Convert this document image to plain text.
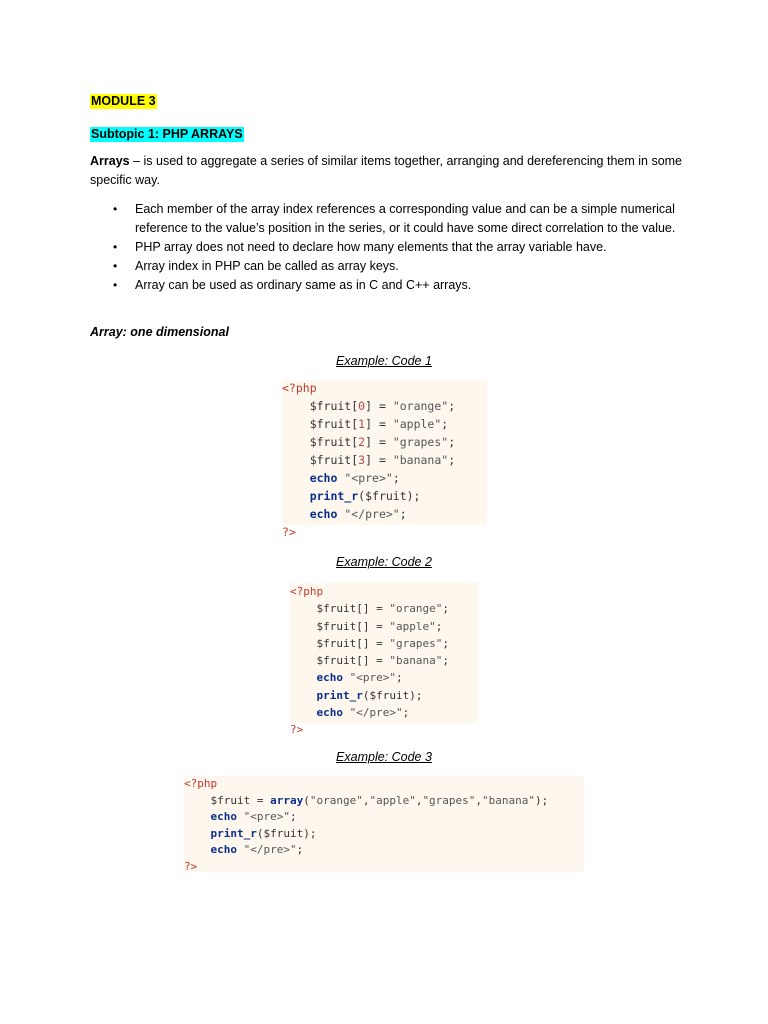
MODULE 3
Subtopic 1: PHP ARRAYS
Arrays – is used to aggregate a series of similar items together, arranging and dereferencing them in some specific way.
• Each member of the array index references a corresponding value and can be a simple numerical reference to the value’s position in the series, or it could have some direct correlation to the value.
• PHP array does not need to declare how many elements that the array variable have.
• Array index in PHP can be called as array keys.
• Array can be used as ordinary same as in C and C++ arrays.
Array: one dimensional
Example: Code 1
<?php
$fruit[0] = "orange";
$fruit[1] = "apple";
$fruit[2] = "grapes";
$fruit[3] = "banana";
echo "<pre>";
print_r($fruit);
echo "</pre>";
?>
Example: Code 2
<?php
$fruit[] = "orange";
$fruit[] = "apple";
$fruit[] = "grapes";
$fruit[] = "banana";
echo "<pre>";
print_r($fruit);
echo "</pre>";
?>
Example: Code 3
<?php
$fruit = array("orange","apple","grapes","banana");
echo "<pre>";
print_r($fruit);
echo "</pre>";
?>
